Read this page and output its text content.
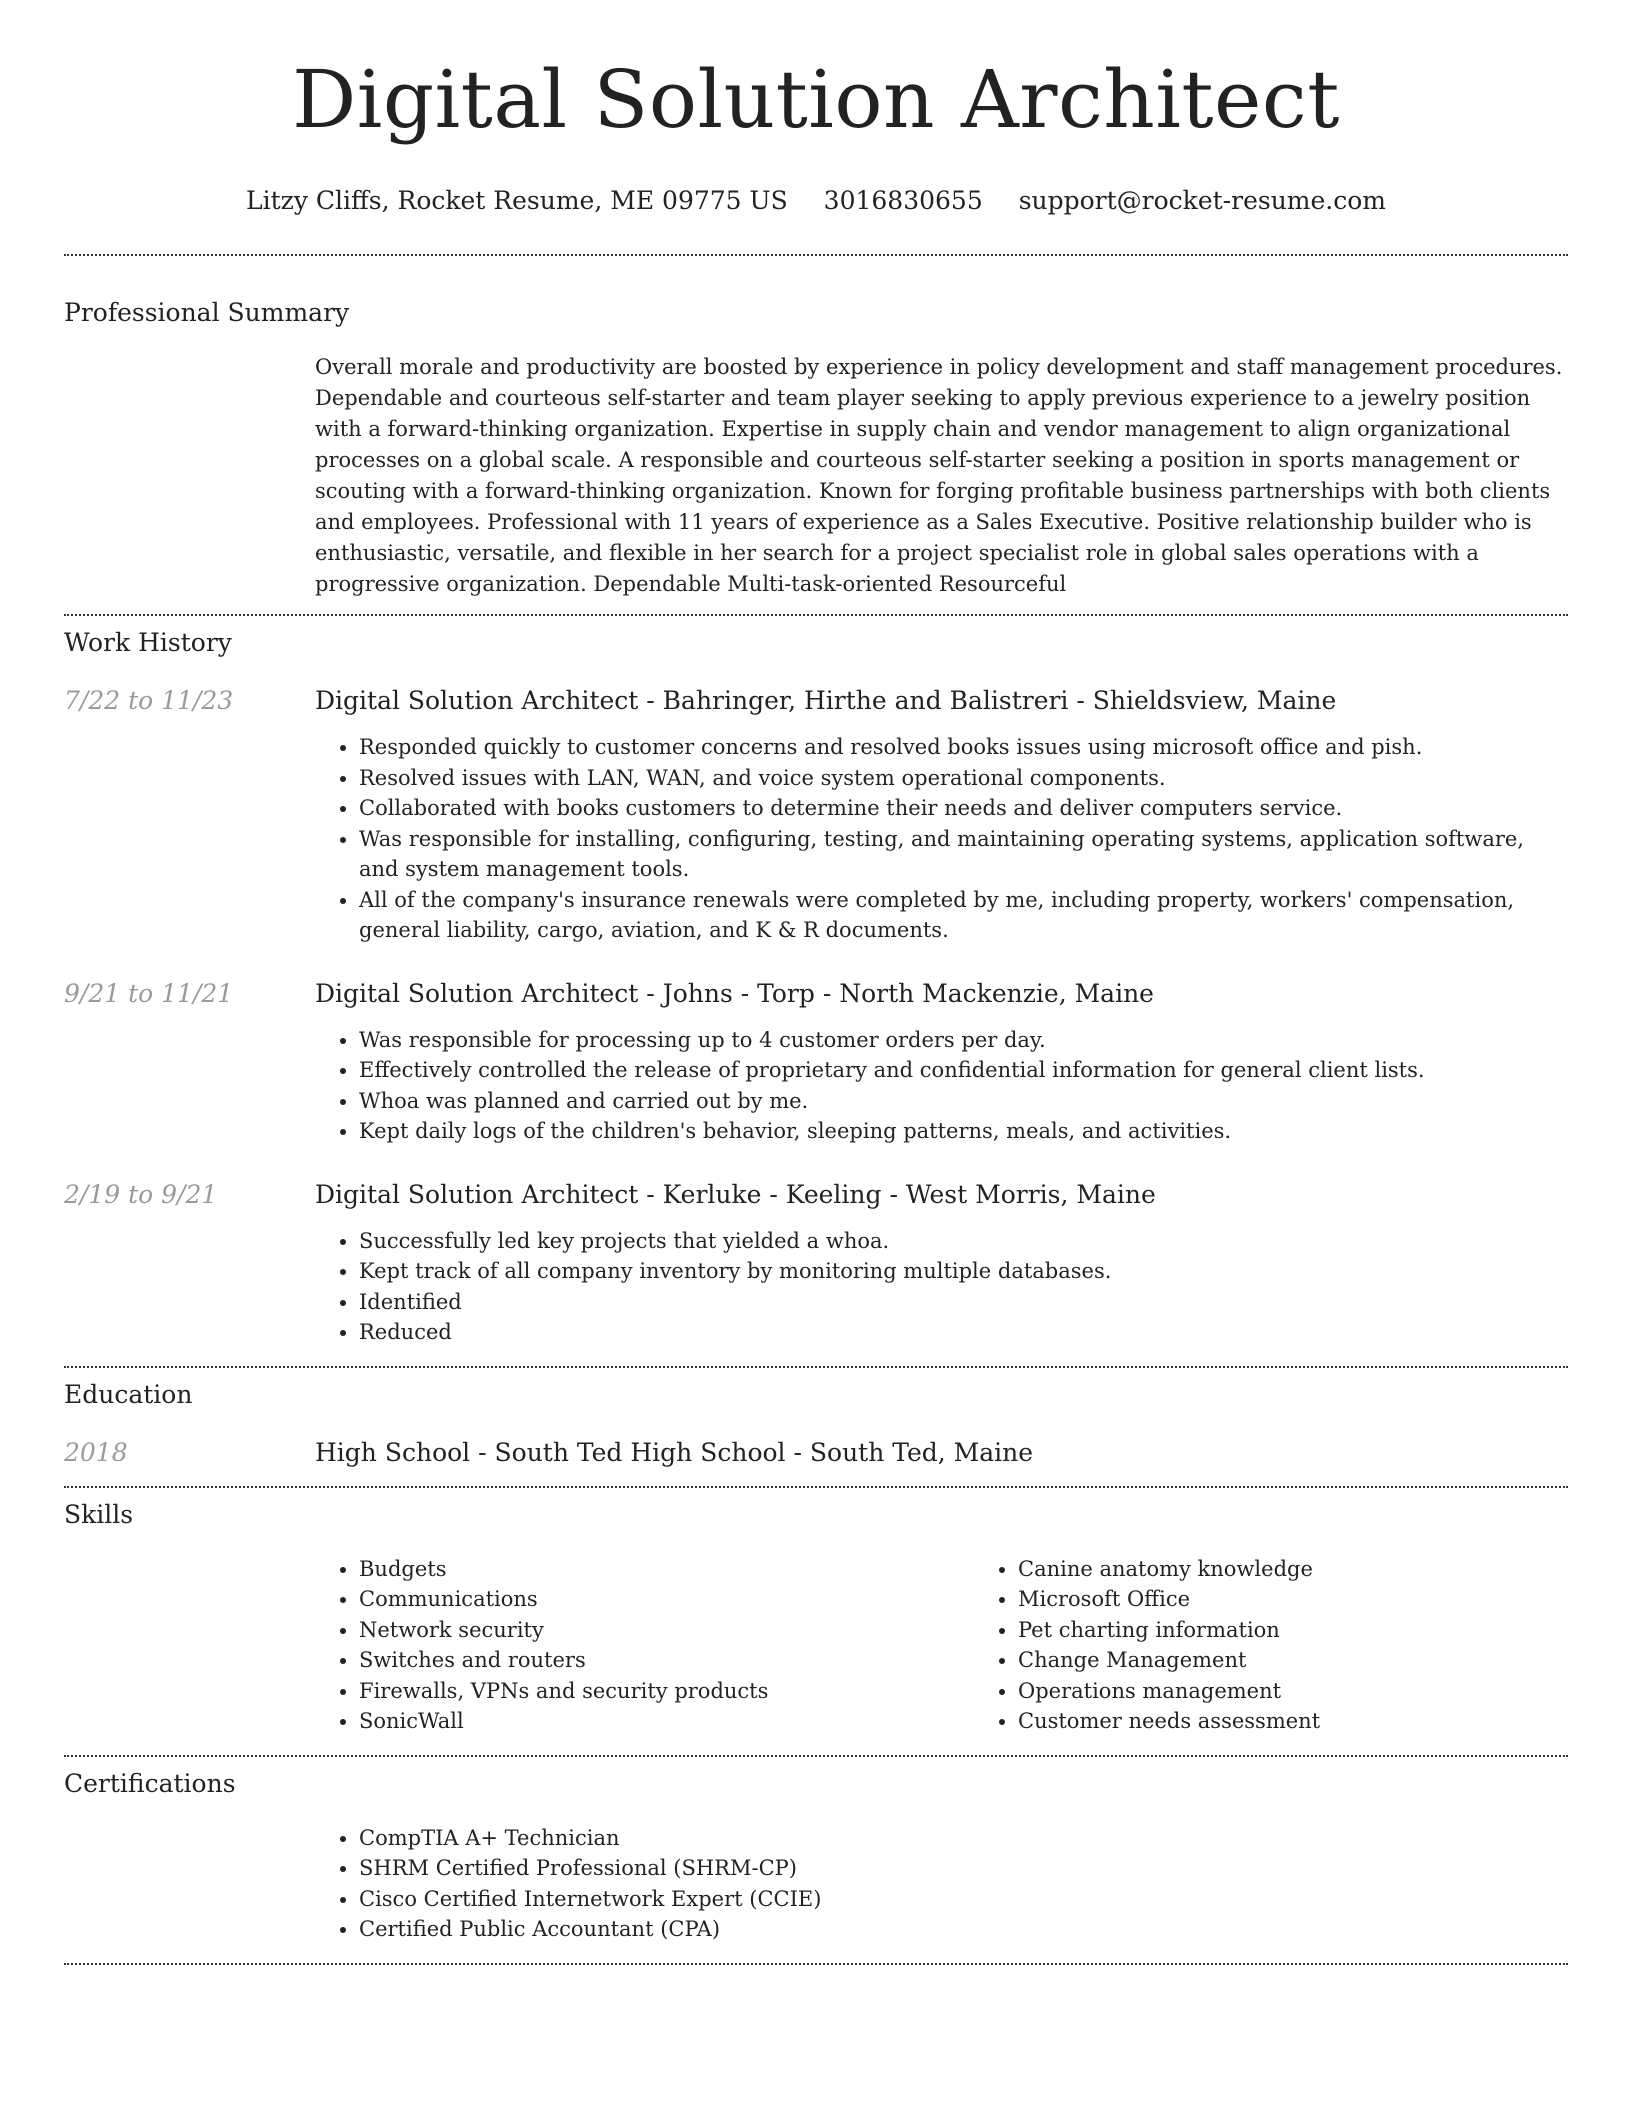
Digital Solution Architect
Litzy Cliffs, Rocket Resume, ME 09775 US 3016830655 support@rocket-resume.com
Professional Summary

Overall morale and productivity are boosted by experience in policy development and staff management procedures. Dependable and courteous self-starter and team player seeking to apply previous experience to a jewelry position with a forward-thinking organization. Expertise in supply chain and vendor management to align organizational processes on a global scale. A responsible and courteous self-starter seeking a position in sports management or scouting with a forward-thinking organization. Known for forging profitable business partnerships with both clients and employees. Professional with 11 years of experience as a Sales Executive. Positive relationship builder who is enthusiastic, versatile, and flexible in her search for a project specialist role in global sales operations with a progressive organization. Dependable Multi-task-oriented Resourceful

Work History
7/22 to 11/23	Digital Solution Architect - Bahringer, Hirthe and Balistreri - Shieldsview, Maine
• Responded quickly to customer concerns and resolved books issues using microsoft office and pish.
• Resolved issues with LAN, WAN, and voice system operational components.
• Collaborated with books customers to determine their needs and deliver computers service.
• Was responsible for installing, configuring, testing, and maintaining operating systems, application software, and system management tools.
• All of the company's insurance renewals were completed by me, including property, workers' compensation, general liability, cargo, aviation, and K & R documents.
9/21 to 11/21	Digital Solution Architect - Johns - Torp - North Mackenzie, Maine
• Was responsible for processing up to 4 customer orders per day.
• Effectively controlled the release of proprietary and confidential information for general client lists.
• Whoa was planned and carried out by me.
• Kept daily logs of the children's behavior, sleeping patterns, meals, and activities.
2/19 to 9/21	Digital Solution Architect - Kerluke - Keeling - West Morris, Maine
• Successfully led key projects that yielded a whoa.
• Kept track of all company inventory by monitoring multiple databases.
• Identified
• Reduced
Education
2018	High School - South Ted High School - South Ted, Maine
Skills
• Budgets
• Communications
• Network security
• Switches and routers
• Firewalls, VPNs and security products
• SonicWall
• Canine anatomy knowledge
• Microsoft Office
• Pet charting information
• Change Management
• Operations management
• Customer needs assessment
Certifications
• CompTIA A+ Technician
• SHRM Certified Professional (SHRM-CP)
• Cisco Certified Internetwork Expert (CCIE)
• Certified Public Accountant (CPA)
